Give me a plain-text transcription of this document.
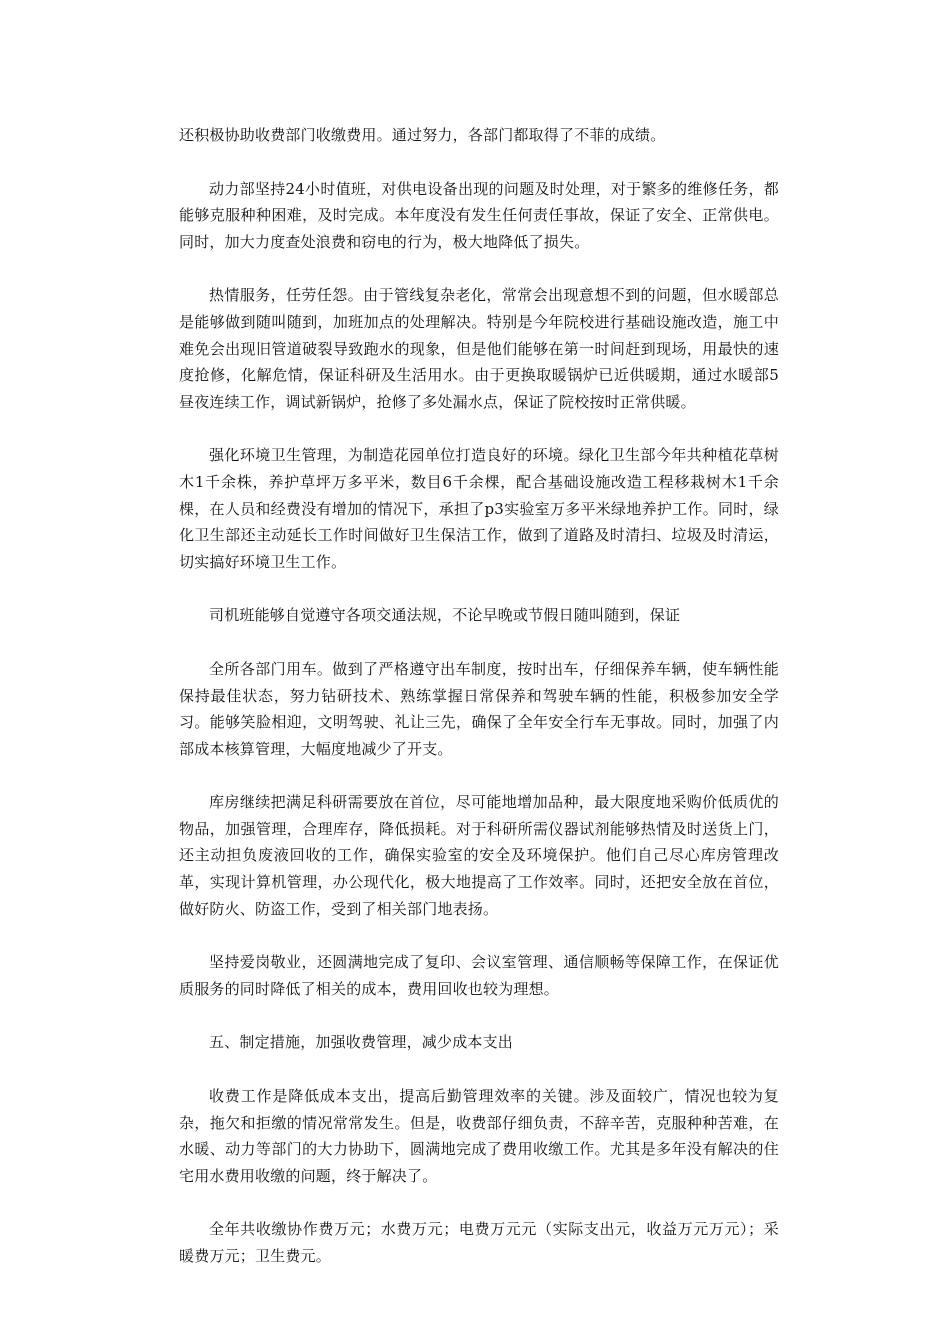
还积极协助收费部门收缴费用。通过努力，各部门都取得了不菲的成绩。

动力部坚持24小时值班，对供电设备出现的问题及时处理，对于繁多的维修任务，都能够克服种种困难，及时完成。本年度没有发生任何责任事故，保证了安全、正常供电。同时，加大力度查处浪费和窃电的行为，极大地降低了损失。

热情服务，任劳任怨。由于管线复杂老化，常常会出现意想不到的问题，但水暖部总是能够做到随叫随到，加班加点的处理解决。特别是今年院校进行基础设施改造，施工中难免会出现旧管道破裂导致跑水的现象，但是他们能够在第一时间赶到现场，用最快的速度抢修，化解危情，保证科研及生活用水。由于更换取暖锅炉已近供暖期，通过水暖部5昼夜连续工作，调试新锅炉，抢修了多处漏水点，保证了院校按时正常供暖。

强化环境卫生管理，为制造花园单位打造良好的环境。绿化卫生部今年共种植花草树木1千余株，养护草坪万多平米，数目6千余棵，配合基础设施改造工程移栽树木1千余棵，在人员和经费没有增加的情况下，承担了p3实验室万多平米绿地养护工作。同时，绿化卫生部还主动延长工作时间做好卫生保洁工作，做到了道路及时清扫、垃圾及时清运，切实搞好环境卫生工作。

司机班能够自觉遵守各项交通法规，不论早晚或节假日随叫随到，保证

全所各部门用车。做到了严格遵守出车制度，按时出车，仔细保养车辆，使车辆性能保持最佳状态，努力钻研技术、熟练掌握日常保养和驾驶车辆的性能，积极参加安全学习。能够笑脸相迎，文明驾驶、礼让三先，确保了全年安全行车无事故。同时，加强了内部成本核算管理，大幅度地减少了开支。

库房继续把满足科研需要放在首位，尽可能地增加品种，最大限度地采购价低质优的物品，加强管理，合理库存，降低损耗。对于科研所需仪器试剂能够热情及时送货上门，还主动担负废液回收的工作，确保实验室的安全及环境保护。他们自己尽心库房管理改革，实现计算机管理，办公现代化，极大地提高了工作效率。同时，还把安全放在首位，做好防火、防盗工作，受到了相关部门地表扬。

坚持爱岗敬业，还圆满地完成了复印、会议室管理、通信顺畅等保障工作，在保证优质服务的同时降低了相关的成本，费用回收也较为理想。

五、制定措施，加强收费管理，减少成本支出

收费工作是降低成本支出，提高后勤管理效率的关键。涉及面较广，情况也较为复杂，拖欠和拒缴的情况常常发生。但是，收费部仔细负责，不辞辛苦，克服种种苦难，在水暖、动力等部门的大力协助下，圆满地完成了费用收缴工作。尤其是多年没有解决的住宅用水费用收缴的问题，终于解决了。

全年共收缴协作费万元；水费万元；电费万元元（实际支出元，收益万元万元）；采暖费万元；卫生费元。
